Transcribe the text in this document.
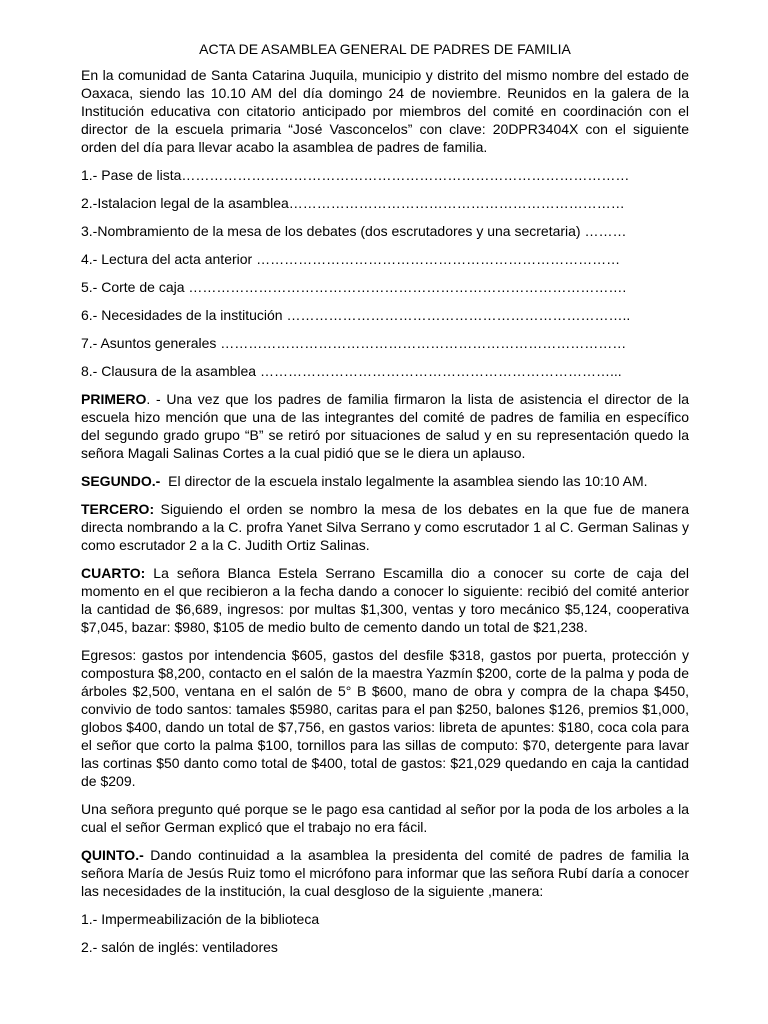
ACTA DE ASAMBLEA GENERAL DE PADRES DE FAMILIA

En la comunidad de Santa Catarina Juquila, municipio y distrito del mismo nombre del estado de Oaxaca, siendo las 10.10 AM del día domingo 24 de noviembre. Reunidos en la galera de la Institución educativa con citatorio anticipado por miembros del comité en coordinación con el director de la escuela primaria “José Vasconcelos” con clave: 20DPR3404X con el siguiente orden del día para llevar acabo la asamblea de padres de familia.

1.- Pase de lista……………………………………………………………………………………
2.-Istalacion legal de la asamblea………………………………………………………………
3.-Nombramiento de la mesa de los debates (dos escrutadores y una secretaria) ………
4.- Lectura del acta anterior ……………………………………………………………………
5.- Corte de caja ………………………………………………………………………………….
6.- Necesidades de la institución ………………………………………………………………..
7.- Asuntos generales ……………………………………………………………………………
8.- Clausura de la asamblea …………………………………………………………………...

PRIMERO. - Una vez que los padres de familia firmaron la lista de asistencia el director de la escuela hizo mención que una de las integrantes del comité de padres de familia en específico del segundo grado grupo “B” se retiró por situaciones de salud y en su representación quedo la señora Magali Salinas Cortes a la cual pidió que se le diera un aplauso.

SEGUNDO.-  El director de la escuela instalo legalmente la asamblea siendo las 10:10 AM.

TERCERO: Siguiendo el orden se nombro la mesa de los debates en la que fue de manera directa nombrando a la C. profra Yanet Silva Serrano y como escrutador 1 al C. German Salinas y como escrutador 2 a la C. Judith Ortiz Salinas.

CUARTO: La señora Blanca Estela Serrano Escamilla dio a conocer su corte de caja del momento en el que recibieron a la fecha dando a conocer lo siguiente: recibió del comité anterior la cantidad de $6,689, ingresos: por multas $1,300, ventas y toro mecánico $5,124, cooperativa $7,045, bazar: $980, $105 de medio bulto de cemento dando un total de $21,238.

Egresos: gastos por intendencia $605, gastos del desfile $318, gastos por puerta, protección y compostura $8,200, contacto en el salón de la maestra Yazmín $200, corte de la palma y poda de árboles $2,500, ventana en el salón de 5° B $600, mano de obra y compra de la chapa $450, convivio de todo santos: tamales $5980, caritas para el pan $250, balones $126, premios $1,000, globos $400, dando un total de $7,756, en gastos varios: libreta de apuntes: $180, coca cola para el señor que corto la palma $100, tornillos para las sillas de computo: $70, detergente para lavar las cortinas $50 danto como total de $400, total de gastos: $21,029 quedando en caja la cantidad de $209.

Una señora pregunto qué porque se le pago esa cantidad al señor por la poda de los arboles a la cual el señor German explicó que el trabajo no era fácil.

QUINTO.- Dando continuidad a la asamblea la presidenta del comité de padres de familia la señora María de Jesús Ruiz tomo el micrófono para informar que las señora Rubí daría a conocer las necesidades de la institución, la cual desgloso de la siguiente ,manera:

1.- Impermeabilización de la biblioteca
2.- salón de inglés: ventiladores
